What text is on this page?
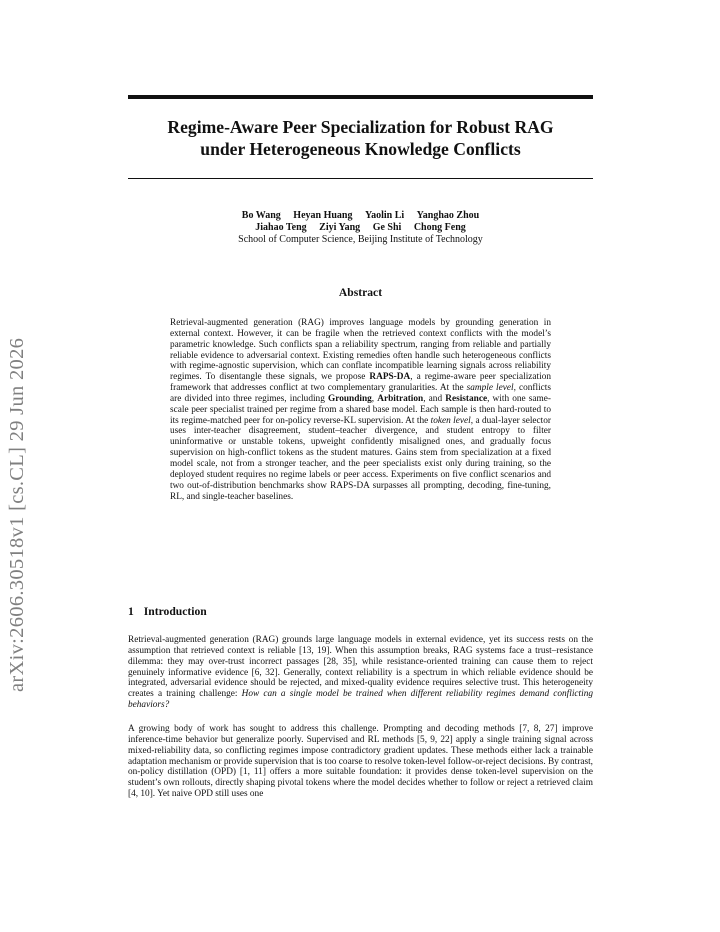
arXiv:2606.30518v1 [cs.CL] 29 Jun 2026
Regime-Aware Peer Specialization for Robust RAG
under Heterogeneous Knowledge Conflicts
Bo Wang Heyan Huang Yaolin Li Yanghao Zhou
Jiahao Teng Ziyi Yang Ge Shi Chong Feng
School of Computer Science, Beijing Institute of Technology
Abstract
Retrieval-augmented generation (RAG) improves language models by grounding generation in external context. However, it can be fragile when the retrieved context conflicts with the model’s parametric knowledge. Such conflicts span a reliability spectrum, ranging from reliable and partially reliable evidence to adversarial context. Existing remedies often handle such heterogeneous conflicts with regime-agnostic supervision, which can conflate incompatible learning signals across reliability regimes. To disentangle these signals, we propose RAPS-DA, a regime-aware peer specialization framework that addresses conflict at two complementary granularities. At the sample level, conflicts are divided into three regimes, including Grounding, Arbitration, and Resistance, with one same-scale peer specialist trained per regime from a shared base model. Each sample is then hard-routed to its regime-matched peer for on-policy reverse-KL supervision. At the token level, a dual-layer selector uses inter-teacher disagreement, student–teacher divergence, and student entropy to filter uninformative or unstable tokens, upweight confidently misaligned ones, and gradually focus supervision on high-conflict tokens as the student matures. Gains stem from specialization at a fixed model scale, not from a stronger teacher, and the peer specialists exist only during training, so the deployed student requires no regime labels or peer access. Experiments on five conflict scenarios and two out-of-distribution benchmarks show RAPS-DA surpasses all prompting, decoding, fine-tuning, RL, and single-teacher baselines.
1 Introduction
Retrieval-augmented generation (RAG) grounds large language models in external evidence, yet its success rests on the assumption that retrieved context is reliable [13, 19]. When this assumption breaks, RAG systems face a trust–resistance dilemma: they may over-trust incorrect passages [28, 35], while resistance-oriented training can cause them to reject genuinely informative evidence [6, 32]. Generally, context reliability is a spectrum in which reliable evidence should be integrated, adversarial evidence should be rejected, and mixed-quality evidence requires selective trust. This heterogeneity creates a training challenge: How can a single model be trained when different reliability regimes demand conflicting behaviors?
A growing body of work has sought to address this challenge. Prompting and decoding methods [7, 8, 27] improve inference-time behavior but generalize poorly. Supervised and RL methods [5, 9, 22] apply a single training signal across mixed-reliability data, so conflicting regimes impose contradictory gradient updates. These methods either lack a trainable adaptation mechanism or provide supervision that is too coarse to resolve token-level follow-or-reject decisions. By contrast, on-policy distillation (OPD) [1, 11] offers a more suitable foundation: it provides dense token-level supervision on the student’s own rollouts, directly shaping pivotal tokens where the model decides whether to follow or reject a retrieved claim [4, 10]. Yet naive OPD still uses one
